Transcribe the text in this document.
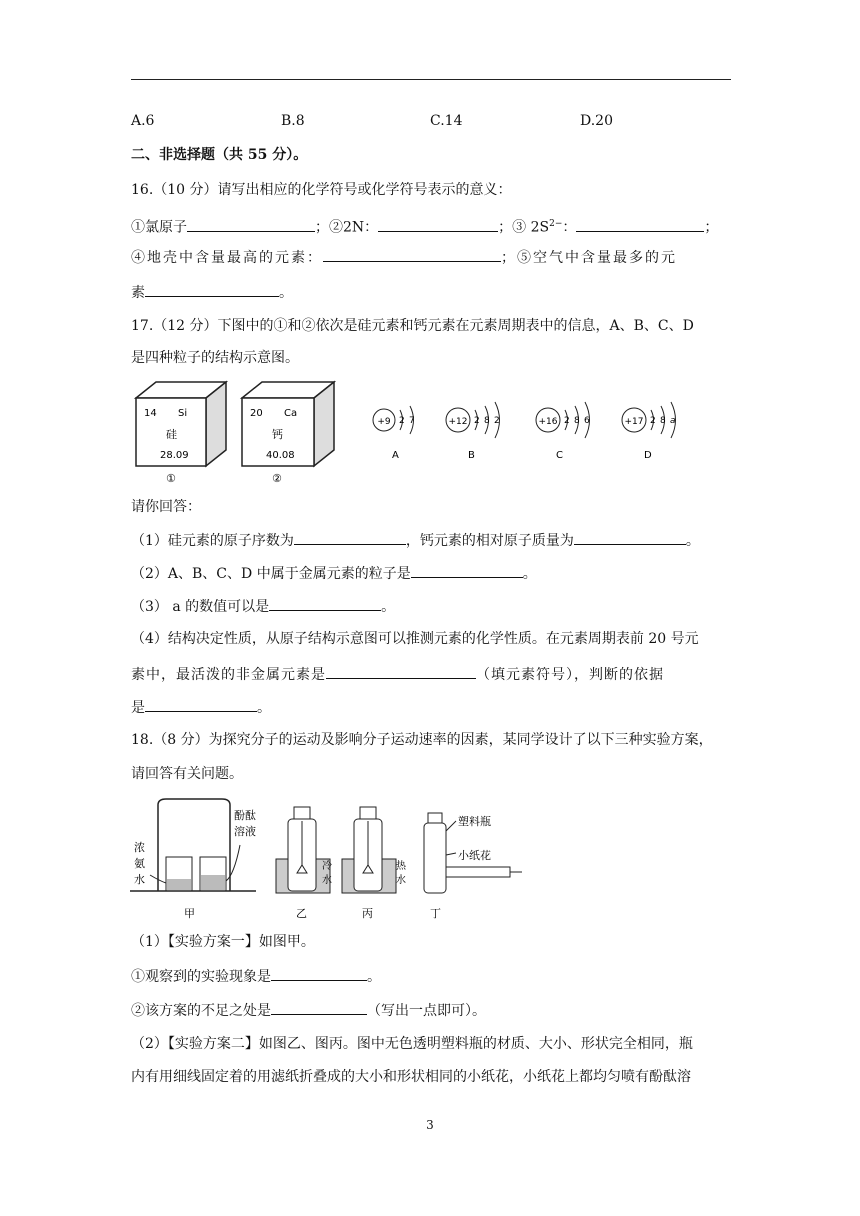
A.6	B.8	C.14	D.20
二、非选择题（共 55 分）。
16.（10 分）请写出相应的化学符号或化学符号表示的意义：
①氯原子	；②2N：	；③ $2S^{2-}$：	；
④地壳中含量最高的元素：	；⑤空气中含量最多的元
素	。
17.（12 分）下图中的①和②依次是硅元素和钙元素在元素周期表中的信息，A、B、C、D
是四种粒子的结构示意图。
14 Si
硅
28.09
①
20 Ca
钙
40.08
②
+9 2 7
A
+12 2 8 2
B
+16 2 8 6
C
+17 2 8 a
D
请你回答：
（1）硅元素的原子序数为	，钙元素的相对原子质量为	。
（2）A、B、C、D 中属于金属元素的粒子是	。
（3） a 的数值可以是	。
（4）结构决定性质，从原子结构示意图可以推测元素的化学性质。在元素周期表前 20 号元
素中，最活泼的非金属元素是	（填元素符号），判断的依据
是	。
18.（8 分）为探究分子的运动及影响分子运动速率的因素，某同学设计了以下三种实验方案，
请回答有关问题。
浓
氨
水
酚酞
溶液
甲
冷
水
乙
热
水
丙
塑料瓶
小纸花
丁
（1）【实验方案一】如图甲。
①观察到的实验现象是	。
②该方案的不足之处是	（写出一点即可）。
（2）【实验方案二】如图乙、图丙。图中无色透明塑料瓶的材质、大小、形状完全相同，瓶
内有用细线固定着的用滤纸折叠成的大小和形状相同的小纸花，小纸花上都均匀喷有酚酞溶
3
